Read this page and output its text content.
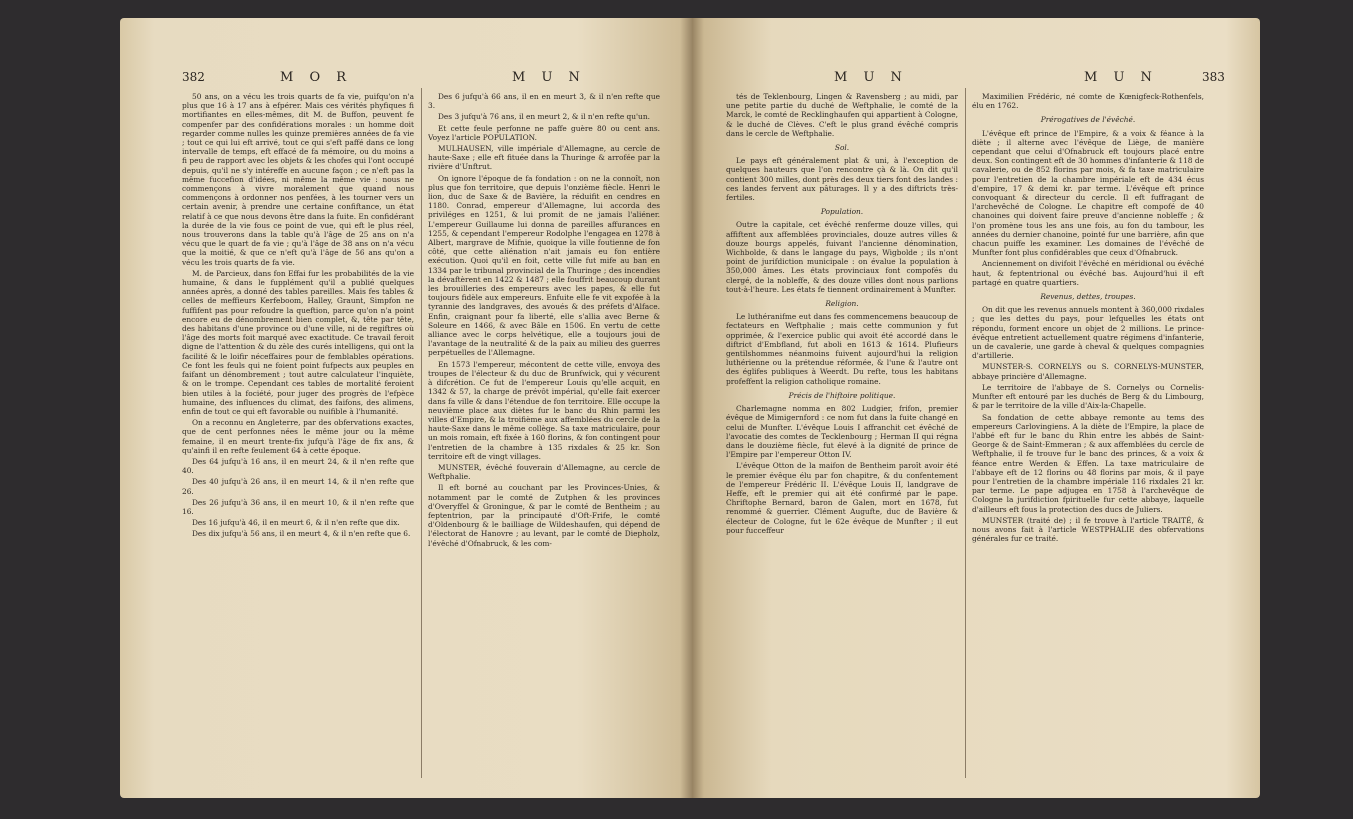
382	M O R	M U N

50 ans, on a vécu les trois quarts de fa vie, puifqu'on n'a plus que 16 à 17 ans à efpérer. Mais ces vérités phyfiques fi mortifiantes en elles-mêmes, dit M. de Buffon, peuvent fe compenfer par des confidérations morales : un homme doit regarder comme nulles les quinze premières années de fa vie ; tout ce qui lui eft arrivé, tout ce qui s'eft paffé dans ce long intervalle de temps, eft effacé de fa mémoire, ou du moins a fi peu de rapport avec les objets & les chofes qui l'ont occupé depuis, qu'il ne s'y intéreffe en aucune façon ; ce n'eft pas la même fuccefion d'idées, ni même la même vie : nous ne commençons à vivre moralement que quand nous commençons à ordonner nos penfées, à les tourner vers un certain avenir, à prendre une certaine confiftance, un état relatif à ce que nous devons être dans la fuite. En confidérant la durée de la vie fous ce point de vue, qui eft le plus réel, nous trouverons dans la table qu'à l'âge de 25 ans on n'a vécu que le quart de fa vie ; qu'à l'âge de 38 ans on n'a vécu que la moitié, & que ce n'eft qu'à l'âge de 56 ans qu'on a vécu les trois quarts de fa vie.

M. de Parcieux, dans fon Effai fur les probabilités de la vie humaine, & dans le fupplément qu'il a publié quelques années après, a donné des tables pareilles. Mais fes tables & celles de meffieurs Kerfeboom, Halley, Graunt, Simpfon ne fuffifent pas pour refoudre la queftion, parce qu'on n'a point encore eu de dénombrement bien complet, &, tête par tête, des habitans d'une province ou d'une ville, ni de regiftres où l'âge des morts foit marqué avec exactitude. Ce travail feroit digne de l'attention & du zèle des curés intelligens, qui ont la facilité & le loifir néceffaires pour de femblables opérations. Ce font les feuls qui ne foient point fufpects aux peuples en faifant un dénombrement ; tout autre calculateur l'inquiète, & on le trompe. Cependant ces tables de mortalité feroient bien utiles à la fociété, pour juger des progrès de l'efpèce humaine, des influences du climat, des faifons, des alimens, enfin de tout ce qui eft favorable ou nuifible à l'humanité.

On a reconnu en Angleterre, par des obfervations exactes, que de cent perfonnes nées le même jour ou la même femaine, il en meurt trente-fix jufqu'à l'âge de fix ans, & qu'ainfi il en refte feulement 64 à cette époque.

Des 64 jufqu'à 16 ans, il en meurt 24, & il n'en refte que 40.

Des 40 jufqu'à 26 ans, il en meurt 14, & il n'en refte que 26.

Des 26 jufqu'à 36 ans, il en meurt 10, & il n'en refte que 16.

Des 16 jufqu'à 46, il en meurt 6, & il n'en refte que dix.

Des dix jufqu'à 56 ans, il en meurt 4, & il n'en refte que 6.

Des 6 jufqu'à 66 ans, il en en meurt 3, & il n'en refte que 3.

Des 3 jufqu'à 76 ans, il en meurt 2, & il n'en refte qu'un.

Et cette feule perfonne ne paffe guère 80 ou cent ans. Voyez l'article POPULATION.

MULHAUSEN, ville impériale d'Allemagne, au cercle de haute-Saxe ; elle eft fituée dans la Thuringe & arrofée par la rivière d'Unftrut.

On ignore l'époque de fa fondation : on ne la connoît, non plus que fon territoire, que depuis l'onzième fiècle. Henri le lion, duc de Saxe & de Bavière, la réduifit en cendres en 1180. Conrad, empereur d'Allemagne, lui accorda des priviléges en 1251, & lui promit de ne jamais l'aliéner. L'empereur Guillaume lui donna de pareilles affurances en 1255, & cependant l'empereur Rodolphe l'engagea en 1278 à Albert, margrave de Mifnie, quoique la ville foutienne de fon côté, que cette aliénation n'ait jamais eu fon entière exécution. Quoi qu'il en foit, cette ville fut mife au ban en 1334 par le tribunal provincial de la Thuringe ; des incendies la dévaftèrent en 1422 & 1487 ; elle fouffrit beaucoup durant les brouilleries des empereurs avec les papes, & elle fut toujours fidèle aux empereurs. Enfuite elle fe vit expofée à la tyrannie des landgraves, des avoués & des préfets d'Alface. Enfin, craignant pour fa liberté, elle s'allia avec Berne & Soleure en 1466, & avec Bâle en 1506. En vertu de cette alliance avec le corps helvétique, elle a toujours joui de l'avantage de la neutralité & de la paix au milieu des guerres perpétuelles de l'Allemagne.

En 1573 l'empereur, mécontent de cette ville, envoya des troupes de l'électeur & du duc de Brunfwick, qui y vécurent à difcrétion. Ce fut de l'empereur Louis qu'elle acquit, en 1342 & 57, la charge de prévôt impérial, qu'elle fait exercer dans fa ville & dans l'étendue de fon territoire. Elle occupe la neuvième place aux diètes fur le banc du Rhin parmi les villes d'Empire, & la troifième aux affemblées du cercle de la haute-Saxe dans le même collège. Sa taxe matriculaire, pour un mois romain, eft fixée à 160 florins, & fon contingent pour l'entretien de la chambre à 135 rixdales & 25 kr. Son territoire eft de vingt villages.

MUNSTER, évêché fouverain d'Allemagne, au cercle de Weftphalie.

Il eft borné au couchant par les Provinces-Unies, & notamment par le comté de Zutphen & les provinces d'Overyffel & Groningue, & par le comté de Bentheim ; au feptentrion, par la principauté d'Oft-Frife, le comté d'Oldenbourg & le bailliage de Wildeshaufen, qui dépend de l'électorat de Hanovre ; au levant, par le comté de Diepholz, l'évêché d'Ofnabruck, & les com-

M U N	M U N	383

tés de Teklenbourg, Lingen & Ravensberg ; au midi, par une petite partie du duché de Weftphalie, le comté de la Marck, le comté de Recklinghaufen qui appartient à Cologne, & le duché de Clèves. C'eft le plus grand évêché compris dans le cercle de Weftphalie.

Sol.

Le pays eft généralement plat & uni, à l'exception de quelques hauteurs que l'on rencontre çà & là. On dit qu'il contient 300 milles, dont près des deux tiers font des landes : ces landes fervent aux pâturages. Il y a des diftricts très-fertiles.

Population.

Outre la capitale, cet évêché renferme douze villes, qui affiftent aux affemblées provinciales, douze autres villes & douze bourgs appelés, fuivant l'ancienne dénomination, Wichbolde, & dans le langage du pays, Wigbolde ; ils n'ont point de jurifdiction municipale : on évalue la population à 350,000 âmes. Les états provinciaux font compofés du clergé, de la nobleffe, & des douze villes dont nous parlions tout-à-l'heure. Les états fe tiennent ordinairement à Munfter.

Religion.

Le luthéranifme eut dans fes commencemens beaucoup de fectateurs en Weftphalie ; mais cette communion y fut opprimée, & l'exercice public qui avoit été accordé dans le diftrict d'Embfland, fut aboli en 1613 & 1614. Plufieurs gentilshommes néanmoins fuivent aujourd'hui la religion luthérienne ou la prétendue réformée, & l'une & l'autre ont des églifes publiques à Weerdt. Du refte, tous les habitans profeffent la religion catholique romaine.

Précis de l'hiftoire politique.

Charlemagne nomma en 802 Ludgier, frifon, premier évêque de Mimigernford : ce nom fut dans la fuite changé en celui de Munfter. L'évêque Louis I affranchit cet évêché de l'avocatie des comtes de Tecklenbourg ; Herman II qui régna dans le douzième fiècle, fut élevé à la dignité de prince de l'Empire par l'empereur Otton IV.

L'évêque Otton de la maifon de Bentheim paroît avoir été le premier évêque élu par fon chapitre, & du confentement de l'empereur Frédéric II. L'évêque Louis II, landgrave de Heffe, eft le premier qui ait été confirmé par le pape. Chriftophe Bernard, baron de Galen, mort en 1678, fut renommé & guerrier. Clément Augufte, duc de Bavière & électeur de Cologne, fut le 62e évêque de Munfter ; il eut pour fucceffeur

Maximilien Frédéric, né comte de Kœnigfeck-Rothenfels, élu en 1762.

Prérogatives de l'évêché.

L'évêque eft prince de l'Empire, & a voix & féance à la diète ; il alterne avec l'évêque de Liège, de manière cependant que celui d'Ofnabruck eft toujours placé entre deux. Son contingent eft de 30 hommes d'infanterie & 118 de cavalerie, ou de 852 florins par mois, & fa taxe matriculaire pour l'entretien de la chambre impériale eft de 434 écus d'empire, 17 & demi kr. par terme. L'évêque eft prince convoquant & directeur du cercle. Il eft fuffragant de l'archevêché de Cologne. Le chapitre eft compofé de 40 chanoines qui doivent faire preuve d'ancienne nobleffe ; & l'on promène tous les ans une fois, au fon du tambour, les années du dernier chanoine, pointé fur une barrière, afin que chacun puiffe les examiner. Les domaines de l'évêché de Munfter font plus confidérables que ceux d'Ofnabruck.

Anciennement on divifoit l'évêché en méridional ou évêché haut, & feptentrional ou évêché bas. Aujourd'hui il eft partagé en quatre quartiers.

Revenus, dettes, troupes.

On dit que les revenus annuels montent à 360,000 rixdales ; que les dettes du pays, pour lefquelles les états ont répondu, forment encore un objet de 2 millions. Le prince-évêque entretient actuellement quatre régimens d'infanterie, un de cavalerie, une garde à cheval & quelques compagnies d'artillerie.

MUNSTER-S. CORNELYS ou S. CORNELYS-MUNSTER, abbaye princière d'Allemagne.

Le territoire de l'abbaye de S. Cornelys ou Cornelis-Munfter eft entouré par les duchés de Berg & du Limbourg, & par le territoire de la ville d'Aix-la-Chapelle.

Sa fondation de cette abbaye remonte au tems des empereurs Carlovingiens. A la diète de l'Empire, la place de l'abbé eft fur le banc du Rhin entre les abbés de Saint-George & de Saint-Emmeran ; & aux affemblées du cercle de Weftphalie, il fe trouve fur le banc des princes, & a voix & féance entre Werden & Effen. La taxe matriculaire de l'abbaye eft de 12 florins ou 48 florins par mois, & il paye pour l'entretien de la chambre impériale 116 rixdales 21 kr. par terme. Le pape adjugea en 1758 à l'archevêque de Cologne la jurifdiction fpirituelle fur cette abbaye, laquelle d'ailleurs eft fous la protection des ducs de Juliers.

MUNSTER (traité de) ; il fe trouve à l'article TRAITÉ, & nous avons fait à l'article WESTPHALIE des obfervations générales fur ce traité.
